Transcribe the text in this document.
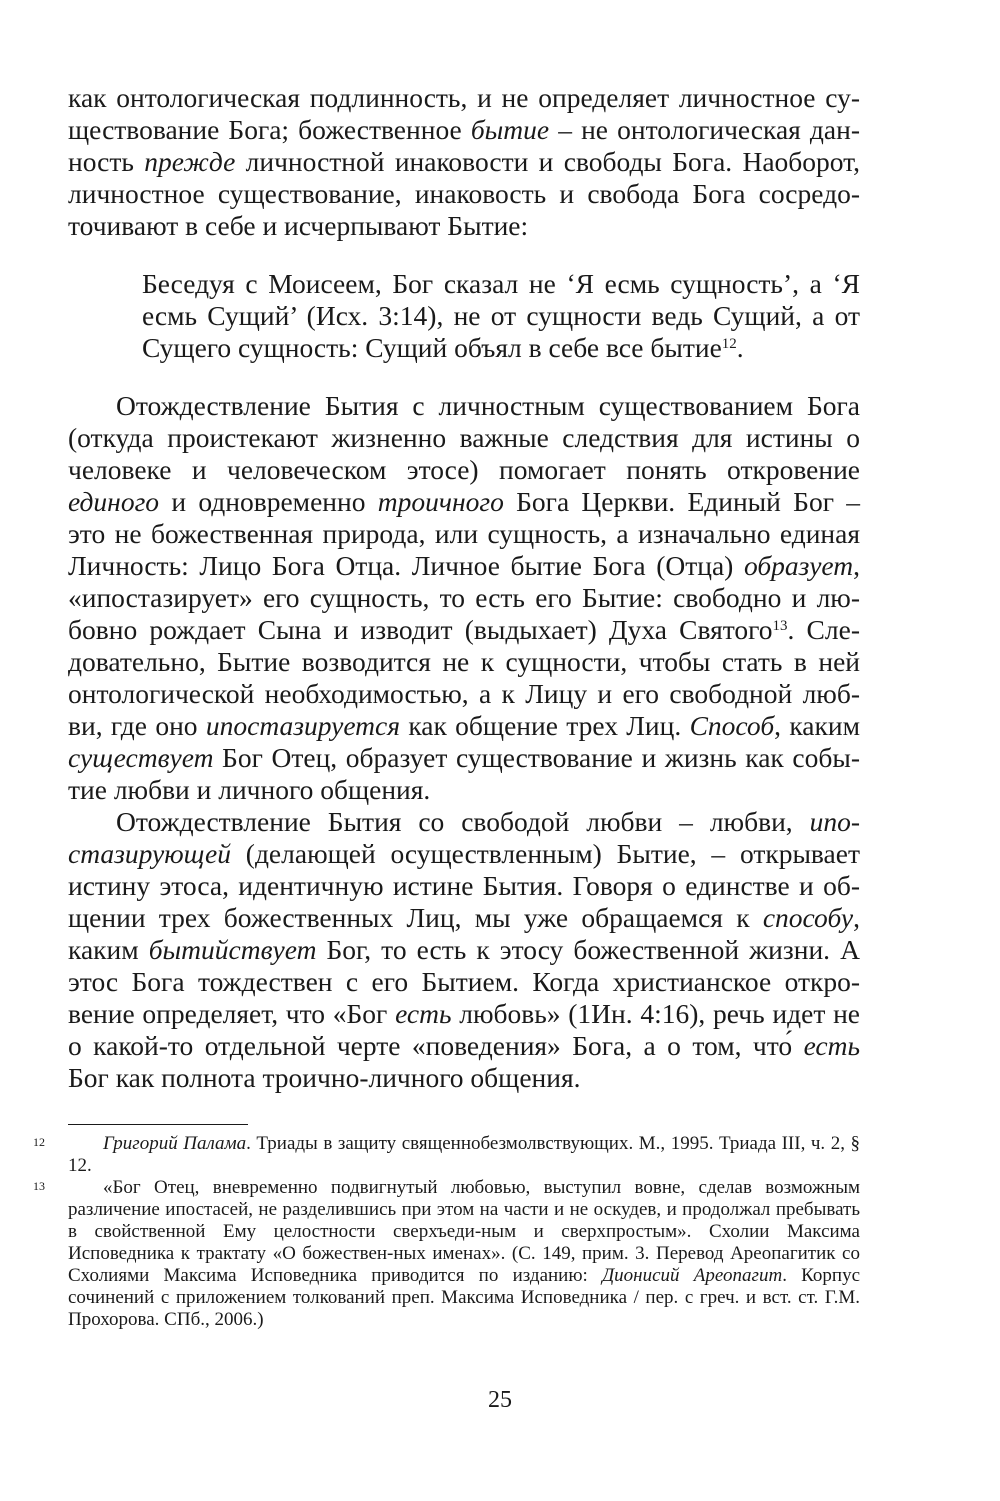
как онтологическая подлинность, и не определяет личностное су-ществование Бога; божественное бытие – не онтологическая дан-ность прежде личностной инаковости и свободы Бога. Наоборот, личностное существование, инаковость и свобода Бога сосредо-точивают в себе и исчерпывают Бытие:

Беседуя с Моисеем, Бог сказал не ‘Я есмь сущность’, а ‘Я есмь Сущий’ (Исх. 3:14), не от сущности ведь Сущий, а от Сущего сущность: Сущий объял в себе все бытие$^{12}$.

Отождествление Бытия с личностным существованием Бога (откуда проистекают жизненно важные следствия для истины о человеке и человеческом этосе) помогает понять откровение единого и одновременно троичного Бога Церкви. Единый Бог – это не божественная природа, или сущность, а изначально единая Личность: Лицо Бога Отца. Личное бытие Бога (Отца) образует, «ипостазирует» его сущность, то есть его Бытие: свободно и лю-бовно рождает Сына и изводит (выдыхает) Духа Святого$^{13}$. Сле-довательно, Бытие возводится не к сущности, чтобы стать в ней онтологической необходимостью, а к Лицу и его свободной люб-ви, где оно ипостазируется как общение трех Лиц. Способ, каким существует Бог Отец, образует существование и жизнь как собы-тие любви и личного общения.

Отождествление Бытия со свободой любви – любви, ипо-стазирующей (делающей осуществленным) Бытие, – открывает истину этоса, идентичную истине Бытия. Говоря о единстве и об-щении трех божественных Лиц, мы уже обращаемся к способу, каким бытийствует Бог, то есть к этосу божественной жизни. А этос Бога тождествен с его Бытием. Когда христианское откро-вение определяет, что «Бог есть любовь» (1Ин. 4:16), речь идет не о какой-то отдельной черте «поведения» Бога, а о том, что́ есть Бог как полнота троично-личного общения.

12	Григорий Палама. Триады в защиту священнобезмолвствующих. М., 1995. Триада III, ч. 2, § 12.

13	«Бог Отец, вневременно подвигнутый любовью, выступил вовне, сделав возможным различение ипостасей, не разделившись при этом на части и не оскудев, и продолжал пребывать в свойственной Ему целостности сверхъеди-ным и сверхпростым». Схолии Максима Исповедника к трактату «О божествен-ных именах». (С. 149, прим. 3. Перевод Ареопагитик со Схолиями Максима Исповедника приводится по изданию: Дионисий Ареопагит. Корпус сочинений с приложением толкований преп. Максима Исповедника / пер. с греч. и вст. ст. Г.М. Прохорова. СПб., 2006.)

25
